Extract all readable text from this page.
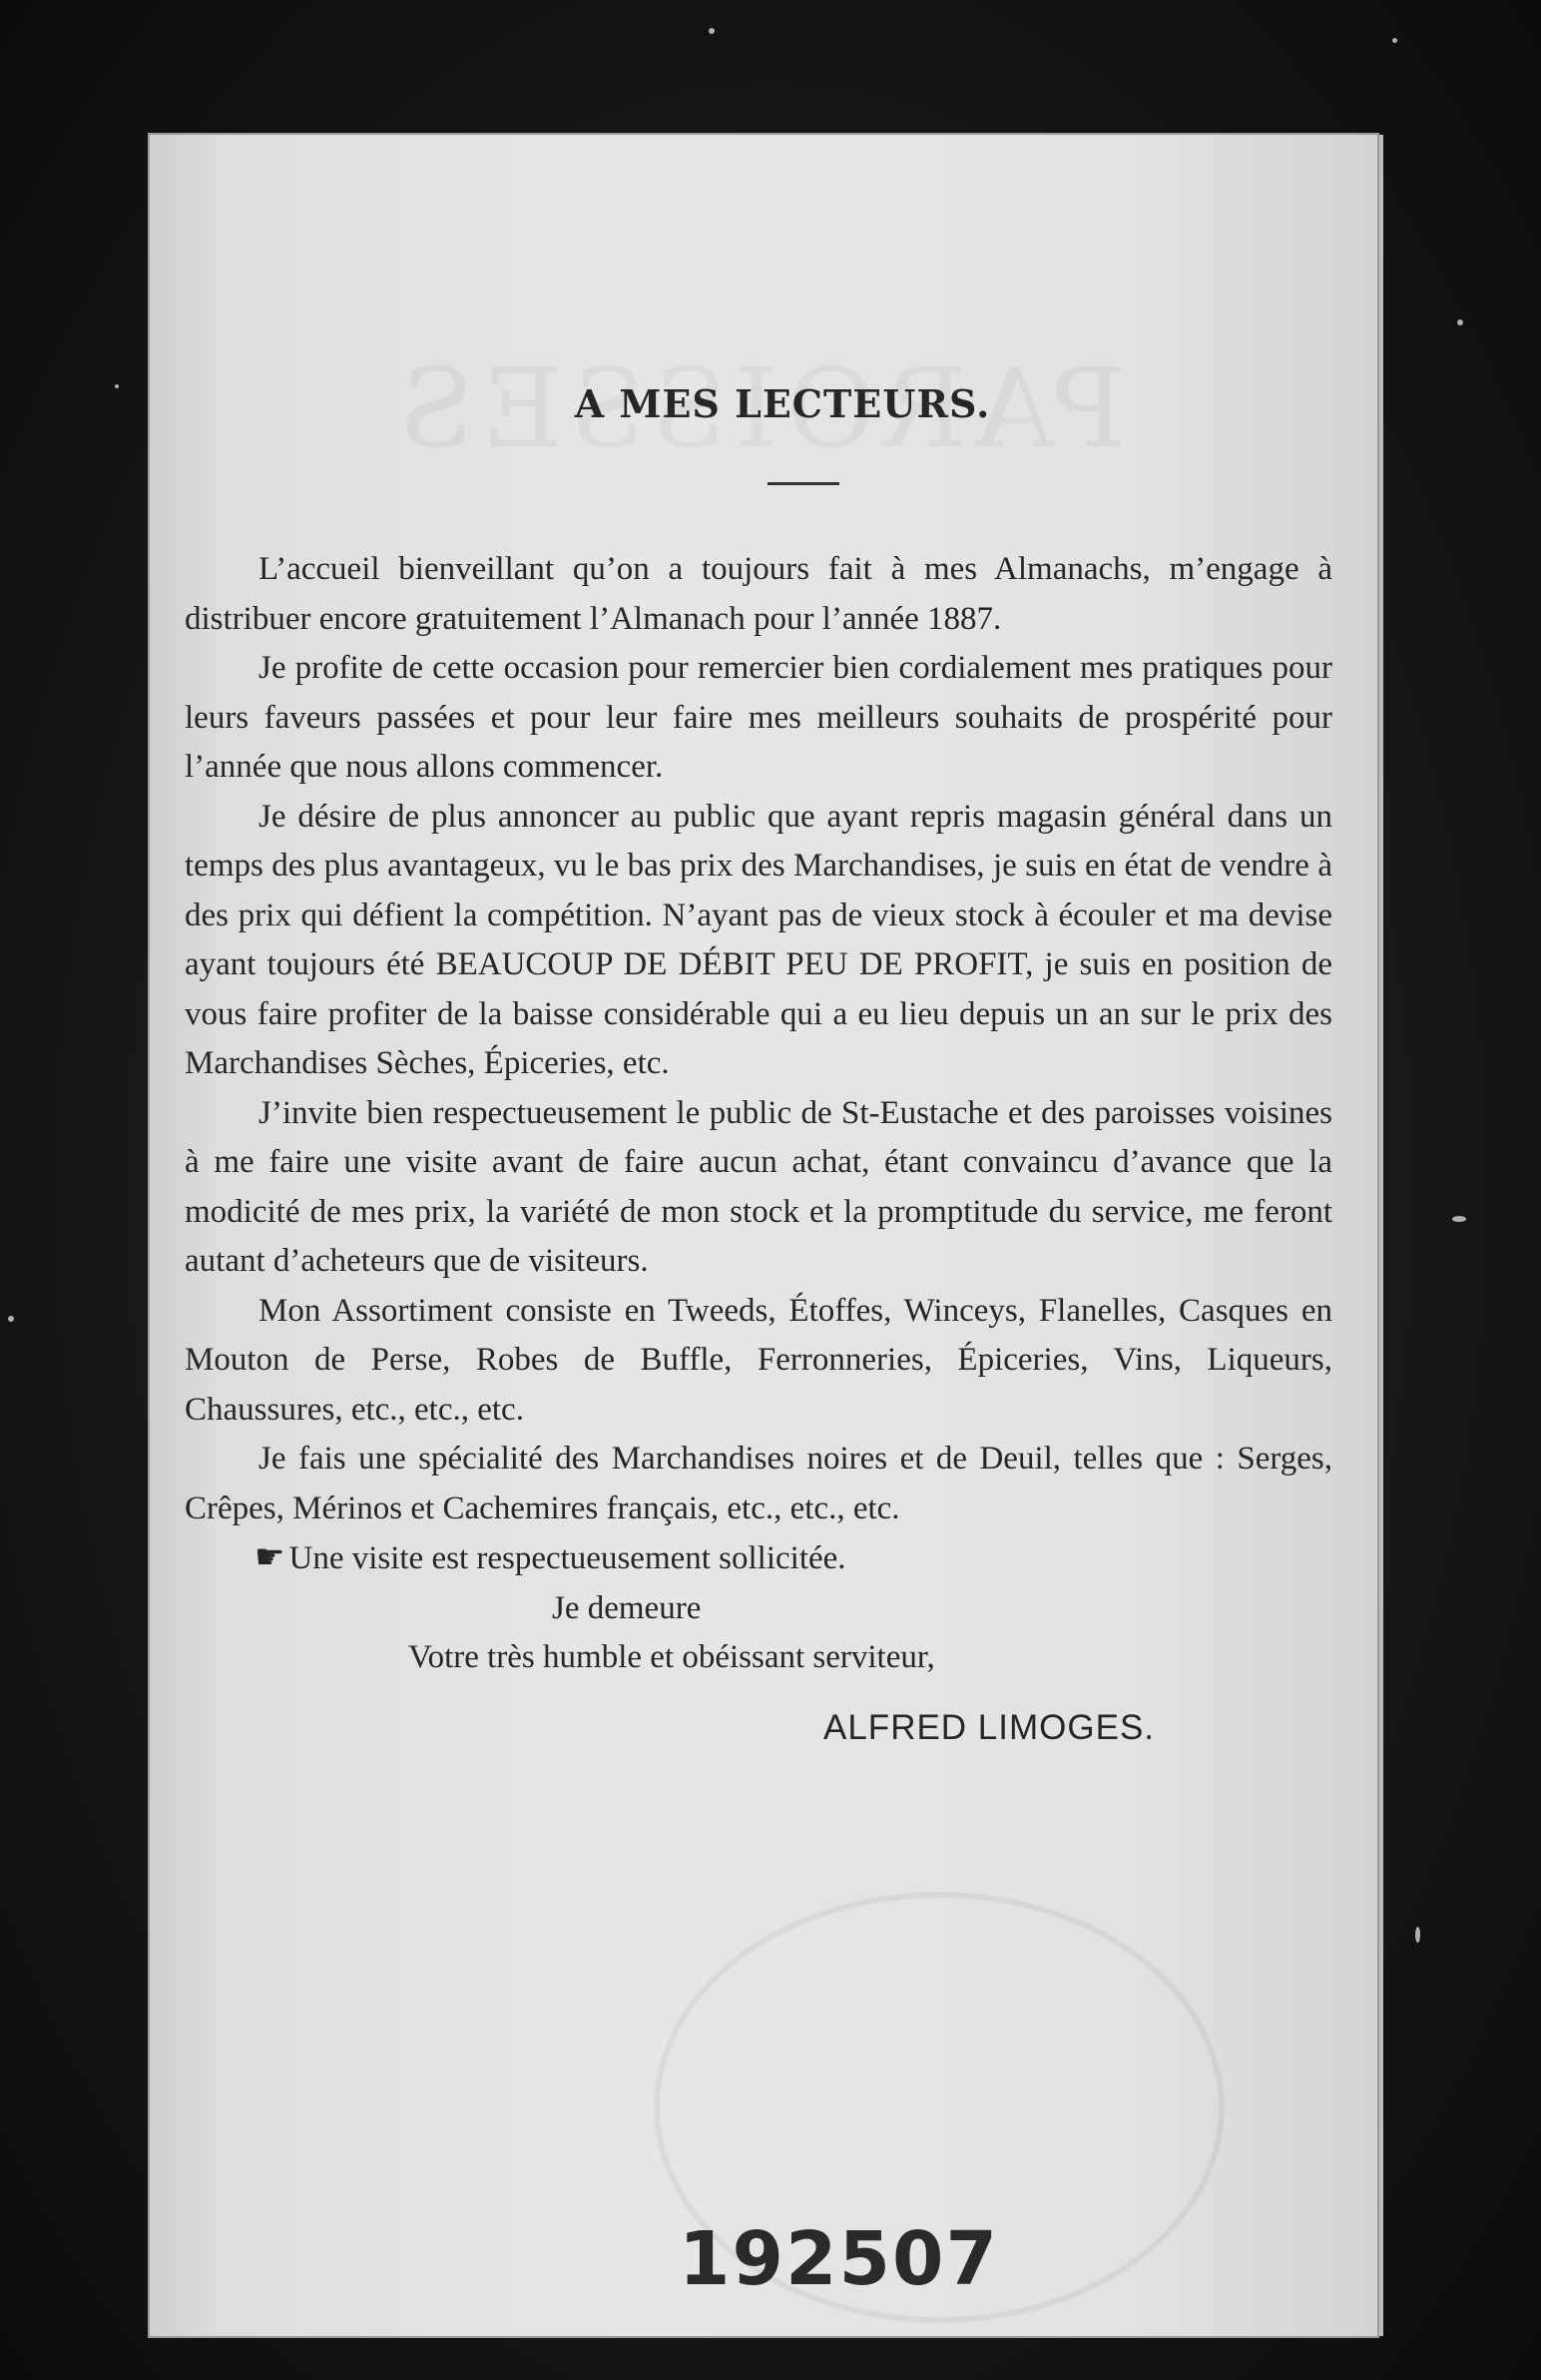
A MES LECTEURS.

L’accueil bienveillant qu’on a toujours fait à mes Almanachs, m’engage à distribuer encore gratuitement l’Almanach pour l’année 1887.

Je profite de cette occasion pour remercier bien cordialement mes pratiques pour leurs faveurs passées et pour leur faire mes meilleurs souhaits de prospérité pour l’année que nous allons commencer.

Je désire de plus annoncer au public que ayant repris magasin général dans un temps des plus avantageux, vu le bas prix des Marchandises, je suis en état de vendre à des prix qui défient la compétition. N’ayant pas de vieux stock à écouler et ma devise ayant toujours été BEAUCOUP DE DÉBIT PEU DE PROFIT, je suis en position de vous faire profiter de la baisse considérable qui a eu lieu depuis un an sur le prix des Marchandises Sèches, Épiceries, etc.

J’invite bien respectueusement le public de St-Eustache et des paroisses voisines à me faire une visite avant de faire aucun achat, étant convaincu d’avance que la modicité de mes prix, la variété de mon stock et la promptitude du service, me feront autant d’acheteurs que de visiteurs.

Mon Assortiment consiste en Tweeds, Étoffes, Winceys, Flanelles, Casques en Mouton de Perse, Robes de Buffle, Ferronneries, Épiceries, Vins, Liqueurs, Chaussures, etc., etc., etc.

Je fais une spécialité des Marchandises noires et de Deuil, telles que : Serges, Crêpes, Mérinos et Cachemires français, etc., etc., etc.

☛ Une visite est respectueusement sollicitée.

Je demeure

Votre très humble et obéissant serviteur,

ALFRED LIMOGES.

192507
